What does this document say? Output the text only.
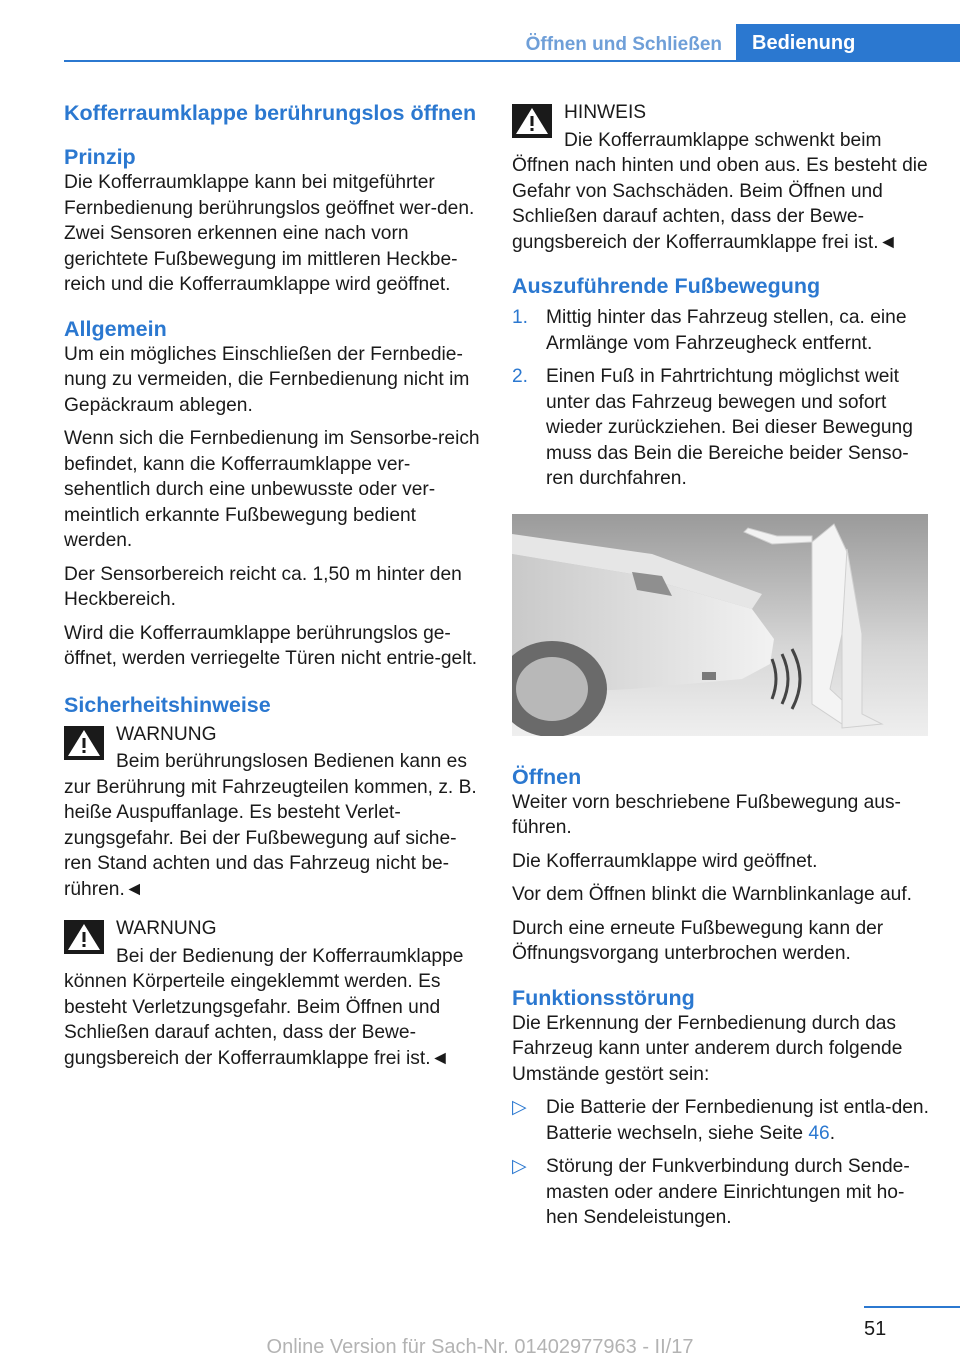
Öffnen und Schließen	Bedienung
Kofferraumklappe berührungslos öffnen
Prinzip

Die Kofferraumklappe kann bei mitgeführter Fernbedienung berührungslos geöffnet wer-den. Zwei Sensoren erkennen eine nach vorn gerichtete Fußbewegung im mittleren Heckbe-reich und die Kofferraumklappe wird geöffnet.

Allgemein

Um ein mögliches Einschließen der Fernbedie-nung zu vermeiden, die Fernbedienung nicht im Gepäckraum ablegen.

Wenn sich die Fernbedienung im Sensorbe-reich befindet, kann die Kofferraumklappe ver-sehentlich durch eine unbewusste oder ver-meintlich erkannte Fußbewegung bedient werden.

Der Sensorbereich reicht ca. 1,50 m hinter den Heckbereich.

Wird die Kofferraumklappe berührungslos ge-öffnet, werden verriegelte Türen nicht entrie-gelt.

Sicherheitshinweise

WARNUNG

Beim berührungslosen Bedienen kann es zur Berührung mit Fahrzeugteilen kommen, z. B. heiße Auspuffanlage. Es besteht Verlet-zungsgefahr. Bei der Fußbewegung auf siche-ren Stand achten und das Fahrzeug nicht be-rühren.◄

WARNUNG

Bei der Bedienung der Kofferraumklappe können Körperteile eingeklemmt werden. Es besteht Verletzungsgefahr. Beim Öffnen und Schließen darauf achten, dass der Bewe-gungsbereich der Kofferraumklappe frei ist.◄

HINWEIS

Die Kofferraumklappe schwenkt beim Öffnen nach hinten und oben aus. Es besteht die Gefahr von Sachschäden. Beim Öffnen und Schließen darauf achten, dass der Bewe-gungsbereich der Kofferraumklappe frei ist.◄

Auszuführende Fußbewegung
1. Mittig hinter das Fahrzeug stellen, ca. eine Armlänge vom Fahrzeugheck entfernt.
2. Einen Fuß in Fahrtrichtung möglichst weit unter das Fahrzeug bewegen und sofort wieder zurückziehen. Bei dieser Bewegung muss das Bein die Bereiche beider Senso-ren durchfahren.
Öffnen

Weiter vorn beschriebene Fußbewegung aus-führen.

Die Kofferraumklappe wird geöffnet.

Vor dem Öffnen blinkt die Warnblinkanlage auf.

Durch eine erneute Fußbewegung kann der Öffnungsvorgang unterbrochen werden.

Funktionsstörung

Die Erkennung der Fernbedienung durch das Fahrzeug kann unter anderem durch folgende Umstände gestört sein:

▷ Die Batterie der Fernbedienung ist entla-den. Batterie wechseln, siehe Seite 46.
▷ Störung der Funkverbindung durch Sende-masten oder andere Einrichtungen mit ho-hen Sendeleistungen.
51
Online Version für Sach-Nr. 01402977963 - II/17
